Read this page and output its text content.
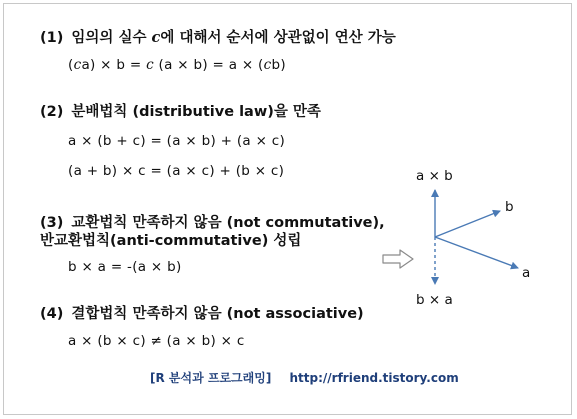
(1) 임의의 실수 c에 대해서 순서에 상관없이 연산 가능
(ca) × b = c (a × b) = a × (cb)
(2) 분배법칙 (distributive law)을 만족
a × (b + c) = (a × b) + (a × c)
(a + b) × c = (a × c) + (b × c)
(3) 교환법칙 만족하지 않음 (not commutative),
반교환법칙(anti-commutative) 성립
b × a = -(a × b)
(4) 결합법칙 만족하지 않음 (not associative)
a × (b × c) ≠ (a × b) × c
a × b
b
a
b × a
[R 분석과 프로그래밍] http://rfriend.tistory.com
